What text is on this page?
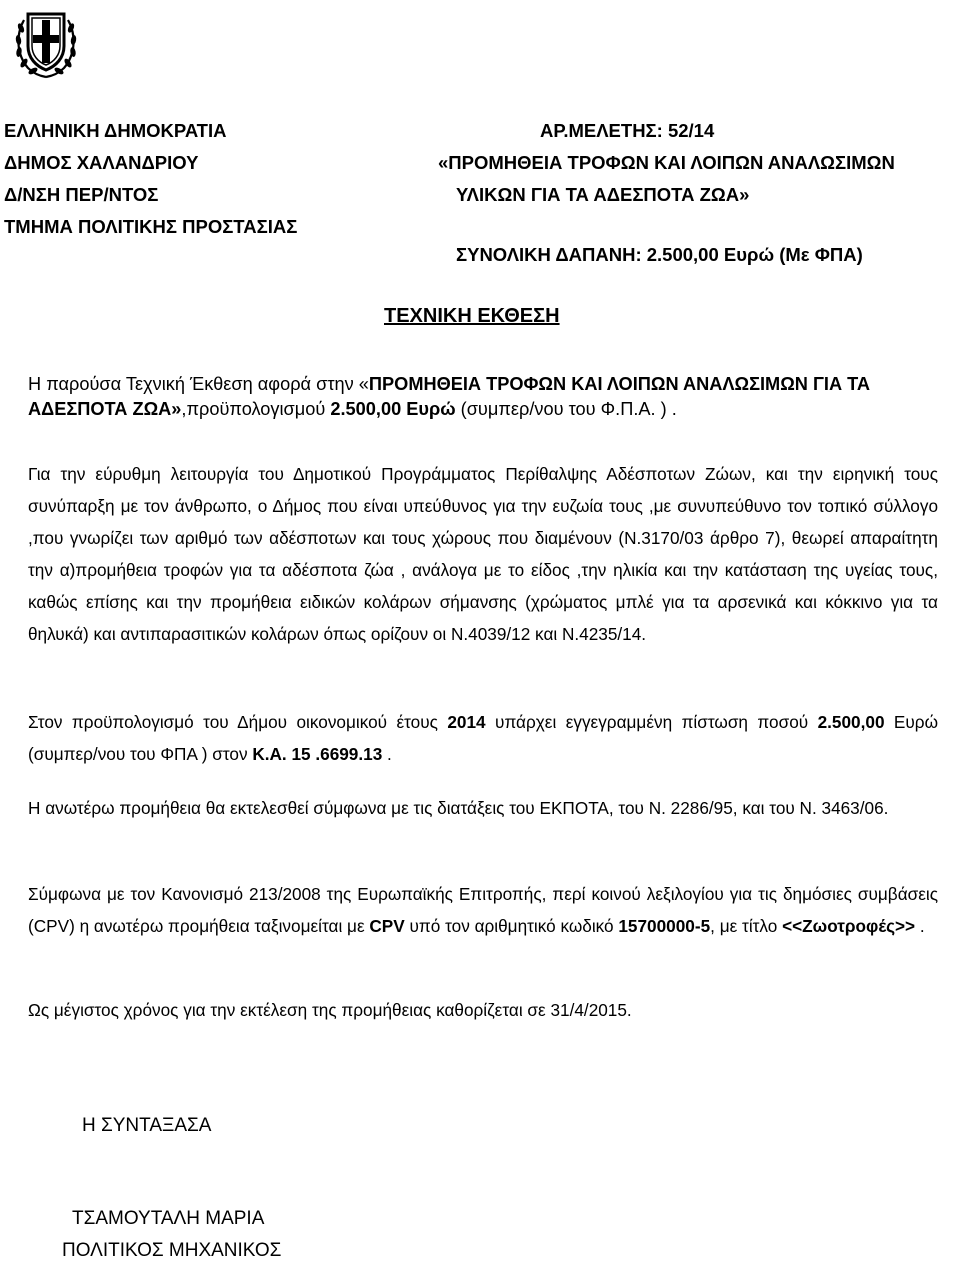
ΕΛΛΗΝΙΚΗ ΔΗΜΟΚΡΑΤΙΑ
ΔΗΜΟΣ ΧΑΛΑΝΔΡΙΟΥ
Δ/ΝΣΗ ΠΕΡ/ΝΤΟΣ
ΤΜΗΜΑ ΠΟΛΙΤΙΚΗΣ ΠΡΟΣΤΑΣΙΑΣ
ΑΡ.ΜΕΛΕΤΗΣ: 52/14
«ΠΡΟΜΗΘΕΙΑ ΤΡΟΦΩΝ ΚΑΙ ΛΟΙΠΩΝ ΑΝΑΛΩΣΙΜΩΝ
ΥΛΙΚΩΝ ΓΙΑ ΤΑ ΑΔΕΣΠΟΤΑ ΖΩΑ»
ΣΥΝΟΛΙΚΗ ΔΑΠΑΝΗ: 2.500,00 Ευρώ (Με ΦΠΑ)
ΤΕΧΝΙΚΗ ΕΚΘΕΣΗ
Η παρούσα Τεχνική Έκθεση αφορά στην «ΠΡΟΜΗΘΕΙΑ ΤΡΟΦΩΝ ΚΑΙ ΛΟΙΠΩΝ ΑΝΑΛΩΣΙΜΩΝ ΓΙΑ ΤΑ ΑΔΕΣΠΟΤΑ ΖΩΑ»,προϋπολογισμού 2.500,00 Ευρώ (συμπερ/νου του Φ.Π.Α. ) .
Για την εύρυθμη λειτουργία του Δημοτικού Προγράμματος Περίθαλψης Αδέσποτων Ζώων, και την ειρηνική τους συνύπαρξη με τον άνθρωπο, ο Δήμος που είναι υπεύθυνος για την ευζωία τους ,με συνυπεύθυνο τον τοπικό σύλλογο ,που γνωρίζει των αριθμό των αδέσποτων και τους χώρους που διαμένουν (Ν.3170/03 άρθρο 7), θεωρεί απαραίτητη την α)προμήθεια τροφών για τα αδέσποτα ζώα , ανάλογα με το είδος ,την ηλικία και την κατάσταση της υγείας τους, καθώς επίσης και την προμήθεια ειδικών κολάρων σήμανσης (χρώματος μπλέ για τα αρσενικά και κόκκινο για τα θηλυκά) και αντιπαρασιτικών κολάρων όπως ορίζουν οι Ν.4039/12 και Ν.4235/14.
Στον προϋπολογισμό του Δήμου οικονομικού έτους 2014 υπάρχει εγγεγραμμένη πίστωση ποσού 2.500,00 Ευρώ (συμπερ/νου του ΦΠΑ ) στον Κ.Α. 15 .6699.13 .
Η ανωτέρω προμήθεια θα εκτελεσθεί σύμφωνα με τις διατάξεις του ΕΚΠΟΤΑ, του Ν. 2286/95, και του Ν. 3463/06.
Σύμφωνα με τον Κανονισμό 213/2008 της Ευρωπαϊκής Επιτροπής, περί κοινού λεξιλογίου για τις δημόσιες συμβάσεις (CPV) η ανωτέρω προμήθεια ταξινομείται με CPV υπό τον αριθμητικό κωδικό 15700000-5, με τίτλο <<Ζωοτροφές>> .
Ως μέγιστος χρόνος για την εκτέλεση της προμήθειας καθορίζεται σε 31/4/2015.
Η ΣΥΝΤΑΞΑΣΑ
ΤΣΑΜΟΥΤΑΛΗ ΜΑΡΙΑ
ΠΟΛΙΤΙΚΟΣ ΜΗΧΑΝΙΚΟΣ
